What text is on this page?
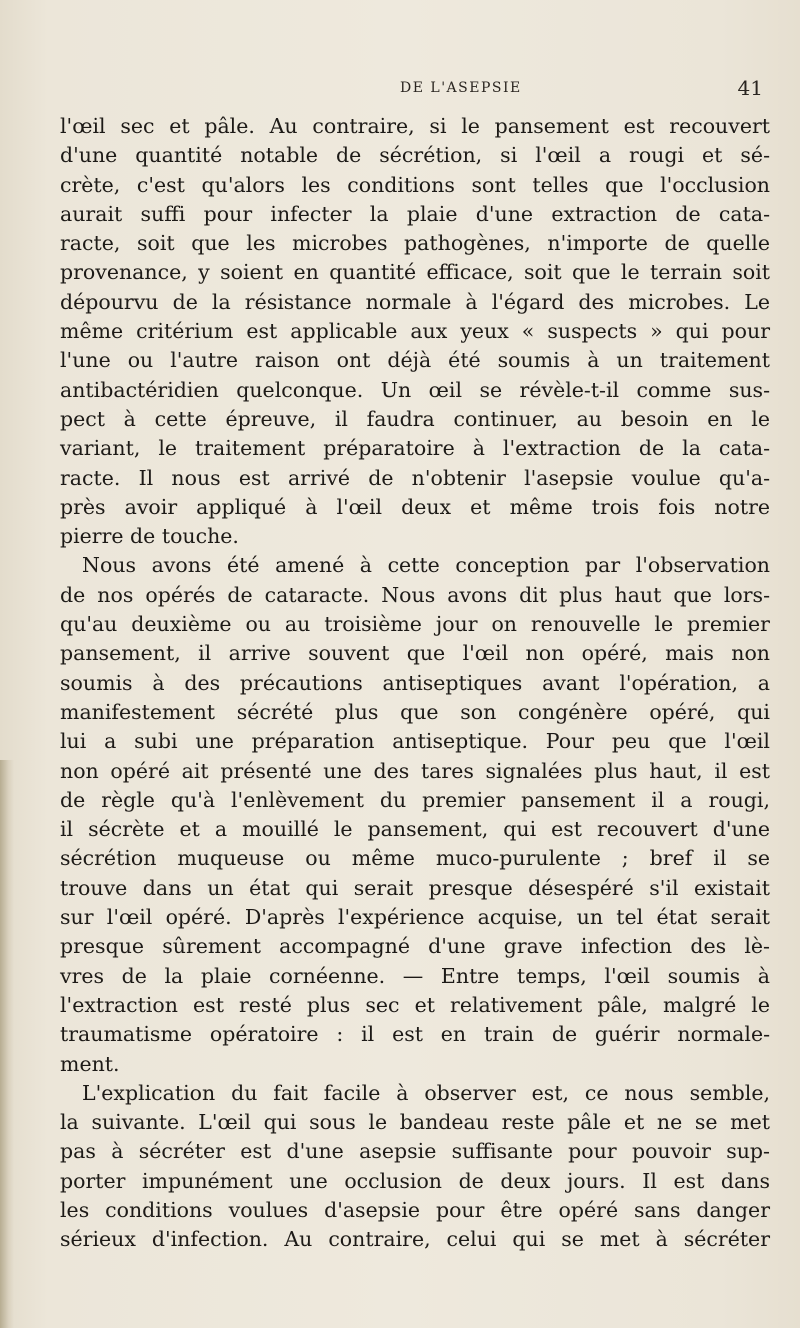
DE L'ASEPSIE	41
l'œil sec et pâle. Au contraire, si le pansement est recouvert
d'une quantité notable de sécrétion, si l'œil a rougi et sé-
crète, c'est qu'alors les conditions sont telles que l'occlusion
aurait suffi pour infecter la plaie d'une extraction de cata-
racte, soit que les microbes pathogènes, n'importe de quelle
provenance, y soient en quantité efficace, soit que le terrain soit
dépourvu de la résistance normale à l'égard des microbes. Le
même critérium est applicable aux yeux « suspects » qui pour
l'une ou l'autre raison ont déjà été soumis à un traitement
antibactéridien quelconque. Un œil se révèle-t-il comme sus-
pect à cette épreuve, il faudra continuer, au besoin en le
variant, le traitement préparatoire à l'extraction de la cata-
racte. Il nous est arrivé de n'obtenir l'asepsie voulue qu'a-
près avoir appliqué à l'œil deux et même trois fois notre
pierre de touche.
Nous avons été amené à cette conception par l'observation
de nos opérés de cataracte. Nous avons dit plus haut que lors-
qu'au deuxième ou au troisième jour on renouvelle le premier
pansement, il arrive souvent que l'œil non opéré, mais non
soumis à des précautions antiseptiques avant l'opération, a
manifestement sécrété plus que son congénère opéré, qui
lui a subi une préparation antiseptique. Pour peu que l'œil
non opéré ait présenté une des tares signalées plus haut, il est
de règle qu'à l'enlèvement du premier pansement il a rougi,
il sécrète et a mouillé le pansement, qui est recouvert d'une
sécrétion muqueuse ou même muco-purulente ; bref il se
trouve dans un état qui serait presque désespéré s'il existait
sur l'œil opéré. D'après l'expérience acquise, un tel état serait
presque sûrement accompagné d'une grave infection des lè-
vres de la plaie cornéenne. — Entre temps, l'œil soumis à
l'extraction est resté plus sec et relativement pâle, malgré le
traumatisme opératoire : il est en train de guérir normale-
ment.
L'explication du fait facile à observer est, ce nous semble,
la suivante. L'œil qui sous le bandeau reste pâle et ne se met
pas à sécréter est d'une asepsie suffisante pour pouvoir sup-
porter impunément une occlusion de deux jours. Il est dans
les conditions voulues d'asepsie pour être opéré sans danger
sérieux d'infection. Au contraire, celui qui se met à sécréter
